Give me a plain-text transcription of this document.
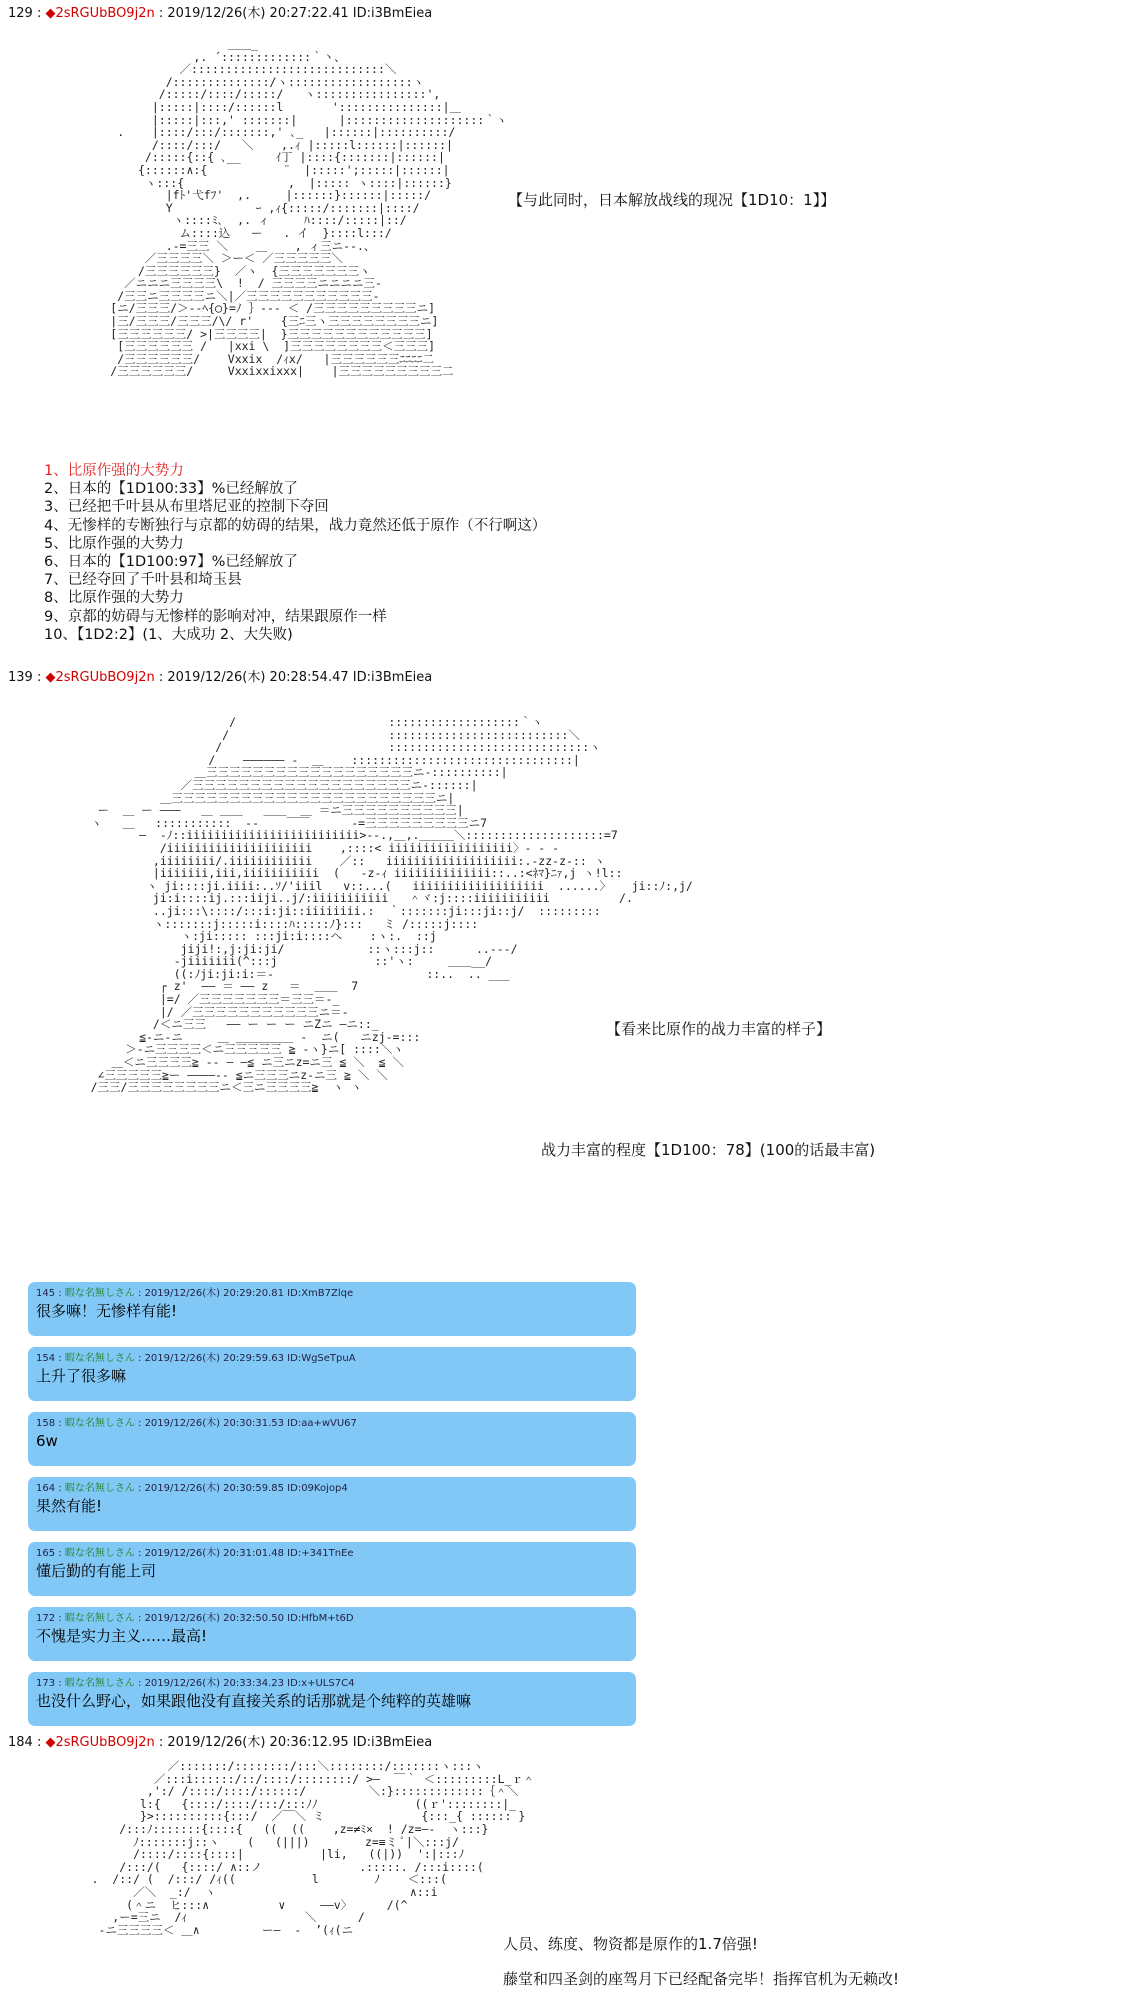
129 : ◆2sRGUbBO9j2n : 2019/12/26(木) 20:27:22.41 ID:i3BmEiea
＿＿_
,. ´:::::::::::::｀丶、
／::::::::::::::::::::::::::::＼
/::::::::::::::/ヽ::::::::::::::::::ヽ
/:::::/::::/:::::/   ヽ::::::::::::::::',
|:::::|::::/::::::l       ':::::::::::::::|＿
|:::::|:::,' :::::::|      |::::::::::::::::::::｀ヽ
.    |::::/:::/:::::::,' ､_   |::::::|::::::::::/
/::::/:::/   ＼    ,.ｨ |:::::l::::::|::::::|
/:::::{::{ ､__     ｲ丁 |::::{:::::::|::::::|
{::::::∧:{           ¨  |:::::';:::::|::::::|
ヽ:::{               ,  |::::: ヽ::::|::::::}
|fﾄ'弋fﾌ'  ,.     |::::::}::::::|:::::/
Y            ｰ ,ｨ{:::::/:::::::|::::/
ヽ::::ﾐ､  ,. ィ     ﾊ::::/:::::|::/
ム::::込   ー   . イ  }::::l:::/
.-=三三 ＼    ＿    , ィ三ニ‐-.、
／三三三三＼ ＞ー＜ ／三三三三三＼
/三三三三三三}  ／ヽ  {三三三三三三三ヽ
／ニニニ三三三三\  !  / 三三三三ニニニニ三-
/三三ニ三三三三ニ＼|／三三三三三三三三三三三-
[ニ/三三三/＞‐‐ﾍ{◯}=ﾉ ｝--- ＜ /三三三三三三三三三ニ]
|三/三三三/三三三/\/ r'    {三ﾆ三ヽ三三三三三三三三ニ]
[三三三三三三/ >|三三三三|  }三三三三三三三三三三三三]
[三三三三三三 /   |xxi \  ]三三三三三三三三＜三三三]
/三三三三三三/    Vxxix  /ｨx/   |三三三三三三ﾆﾆﾆﾆ二
/三三三三三三/     Vxxixxixxx|    |三三三三三三三三三二

【与此同时，日本解放战线的现况【1D10：1】】
1、比原作强的大势力
2、日本的【1D100:33】%已经解放了
3、已经把千叶县从布里塔尼亚的控制下夺回
4、无惨样的专断独行与京都的妨碍的结果，战力竟然还低于原作（不行啊这）
5、比原作强的大势力
6、日本的【1D100:97】%已经解放了
7、已经夺回了千叶县和埼玉县
8、比原作强的大势力
9、京都的妨碍与无惨样的影响对冲，结果跟原作一样
10、【1D2:2】(1、大成功 2、大失败)
139 : ◆2sRGUbBO9j2n : 2019/12/26(木) 20:28:54.47 ID:i3BmEiea
/                      :::::::::::::::::::｀ヽ
/                       ::::::::::::::::::::::::::＼
/                        :::::::::::::::::::::::::::::ヽ
/    ―――――― -  ＿    ::::::::::::::::::::::::::::::::|
＿三三三三三三三三三三三三三三三三三三ニ-::::::::::|
／三三三三三三三三三三三三三三三三三三三ニ-::::::|
＿三三三三三三三三三三三三三三三三三三三三三三三ニ|
ー  ＿ ー ―――   ＿ ＿＿   ＿＿  ＿ ＝ニ三三三三三三三三三三|
ヽ   ＿   :::::::::::  ‐-    ￣￣      ‐=三三三三三三三三三ニ7
―  -ﾉ::iiiiiiiiiiiiiiiiiiiiiiiii>‐-.,＿,.＿＿＿＼::::::::::::::::::::=7
/iiiiiiiiiiiiiiiiiiiii    ,::::< iiiiiiiiiiiiiiiiii〉- - -
,iiiiiiii/.iiiiiiiiiiii    ／::   iiiiiiiiiiiiiiiiiii:.-zz-z‐:: ヽ
|iiiiiii,iii,iiiiiiiiiii  (   -z-ｨ iiiiiiiiiiiiii::..:<ﾈﾏ}ﾆｧ,j ヽ!l::
ヽ ji::::ji.iiii:..ｿ/'iiil   v::...(   iiiiiiiiiiiiiiiiiii  ......〉   ji::ﾉ:,j/
ji:i::::ij.:::iiji..j/:iiiiiiiiiii   ＾ヾ:j::::iiiiiiiiiii          /.
..ji:::\::::/:::i:ji::iiiiiiii.:  ｀:::::::ji:::ji::j/  :::::::::
ヽ:::::::j:::::i::::ﾊ:::::ﾉ}:::   ミ /:::::j::::
ヽ:ji::::: :::ji:i::::ヘ    :ヽ:.  ::j
jiji!:,j:ji:ji/            ::ヽ:::j::      ..---/
‐jiiiiiii(^:::j              ::'ヽ:     ＿＿__/
((:ﾉji:ji:i:＝‐                      ::..  .. ___
┌ z'  ―― ＝ ―― z   ＝  ＿＿  7
|=/ ／三三三三三三三＝三三＝-_
|/ ／三三三三三三三三三三三ニ＝-
/＜ニ三三   ―― ー ー ー ニZニ ―ニ::_
≦-ニ-ニ     ＿ ＿＿＿＿＿ -  ニ(   ニzj-=:::
＞-ニ三三三三＜ニ三三三三三 ≧ -ヽ}ニ[ ::::＼ヽ
＿＜ニ三三三三≧ -‐ ― ―≦ ニ三ニz=ニ三 ≦ ＼  ≦ ＼
∠三三三三三≧ー ――――‐‐ ≦ニ三三三ニz-ニ三 ≧ ＼ ＼
/三三/三三三三三三三三ニ＜三ニ三三三三≧  ヽ ヽ

【看来比原作的战力丰富的样子】
战力丰富的程度【1D100：78】(100的话最丰富)
145 : 暇な名無しさん : 2019/12/26(木) 20:29:20.81 ID:XmB7Zlqe
很多嘛！无惨样有能!
154 : 暇な名無しさん : 2019/12/26(木) 20:29:59.63 ID:WgSeTpuA
上升了很多嘛
158 : 暇な名無しさん : 2019/12/26(木) 20:30:31.53 ID:aa+wVU67
6w
164 : 暇な名無しさん : 2019/12/26(木) 20:30:59.85 ID:09Kojop4
果然有能!
165 : 暇な名無しさん : 2019/12/26(木) 20:31:01.48 ID:+341TnEe
懂后勤的有能上司
172 : 暇な名無しさん : 2019/12/26(木) 20:32:50.50 ID:HfbM+t6D
不愧是实力主义……最高!
173 : 暇な名無しさん : 2019/12/26(木) 20:33:34.23 ID:x+ULS7C4
也没什么野心，如果跟他没有直接关系的话那就是个纯粹的英雄嘛
184 : ◆2sRGUbBO9j2n : 2019/12/26(木) 20:36:12.95 ID:i3BmEiea
／:::::::/::::::::/:::＼::::::::/:::::::ヽ:::ヽ
／:::i::::::/::/::::/::::::::/ >―  ￣｀ ＜:::::::::L_ｒ＾
,':/ /::::/::::/::::::/         ＼:}:::::::::::::｛＾＼
l:{   {::::/::::/:::/:::ﾉﾉ              ((ｒ'::::::::|_
}>::::::::::{:::/  ／￣＼ ミ              {:::_{ :::::: }
/:::ﾉ:::::::{::::{   ((  ((    ,z=≠ﾐ×  ! /z=―-  ヽ:::}
ﾉ:::::::j::ヽ    (   (|||)        z=≡ミ ﾟ|＼:::j/
/::::/::::{::::|           |li,   ((|))  ':|:::ﾉ
/:::/(   {::::/ ∧::ノ              .:::::. /:::i::::(
.  /::/ (  /:::/ /ｨ((           l        ﾉ    ＜:::(
／＼  _:/  ヽ                            ∧::i
(＾ニ  ヒ:::∧          ∨     ――v〉     /(^
,ー=三ニ  /ｨ                 ＼      /
-ニ三三三三＜ ＿∧         ー―  -  ’(ｨ(ニ

人员、练度、物资都是原作的1.7倍强!
藤堂和四圣剑的座驾月下已经配备完毕！指挥官机为无赖改!
